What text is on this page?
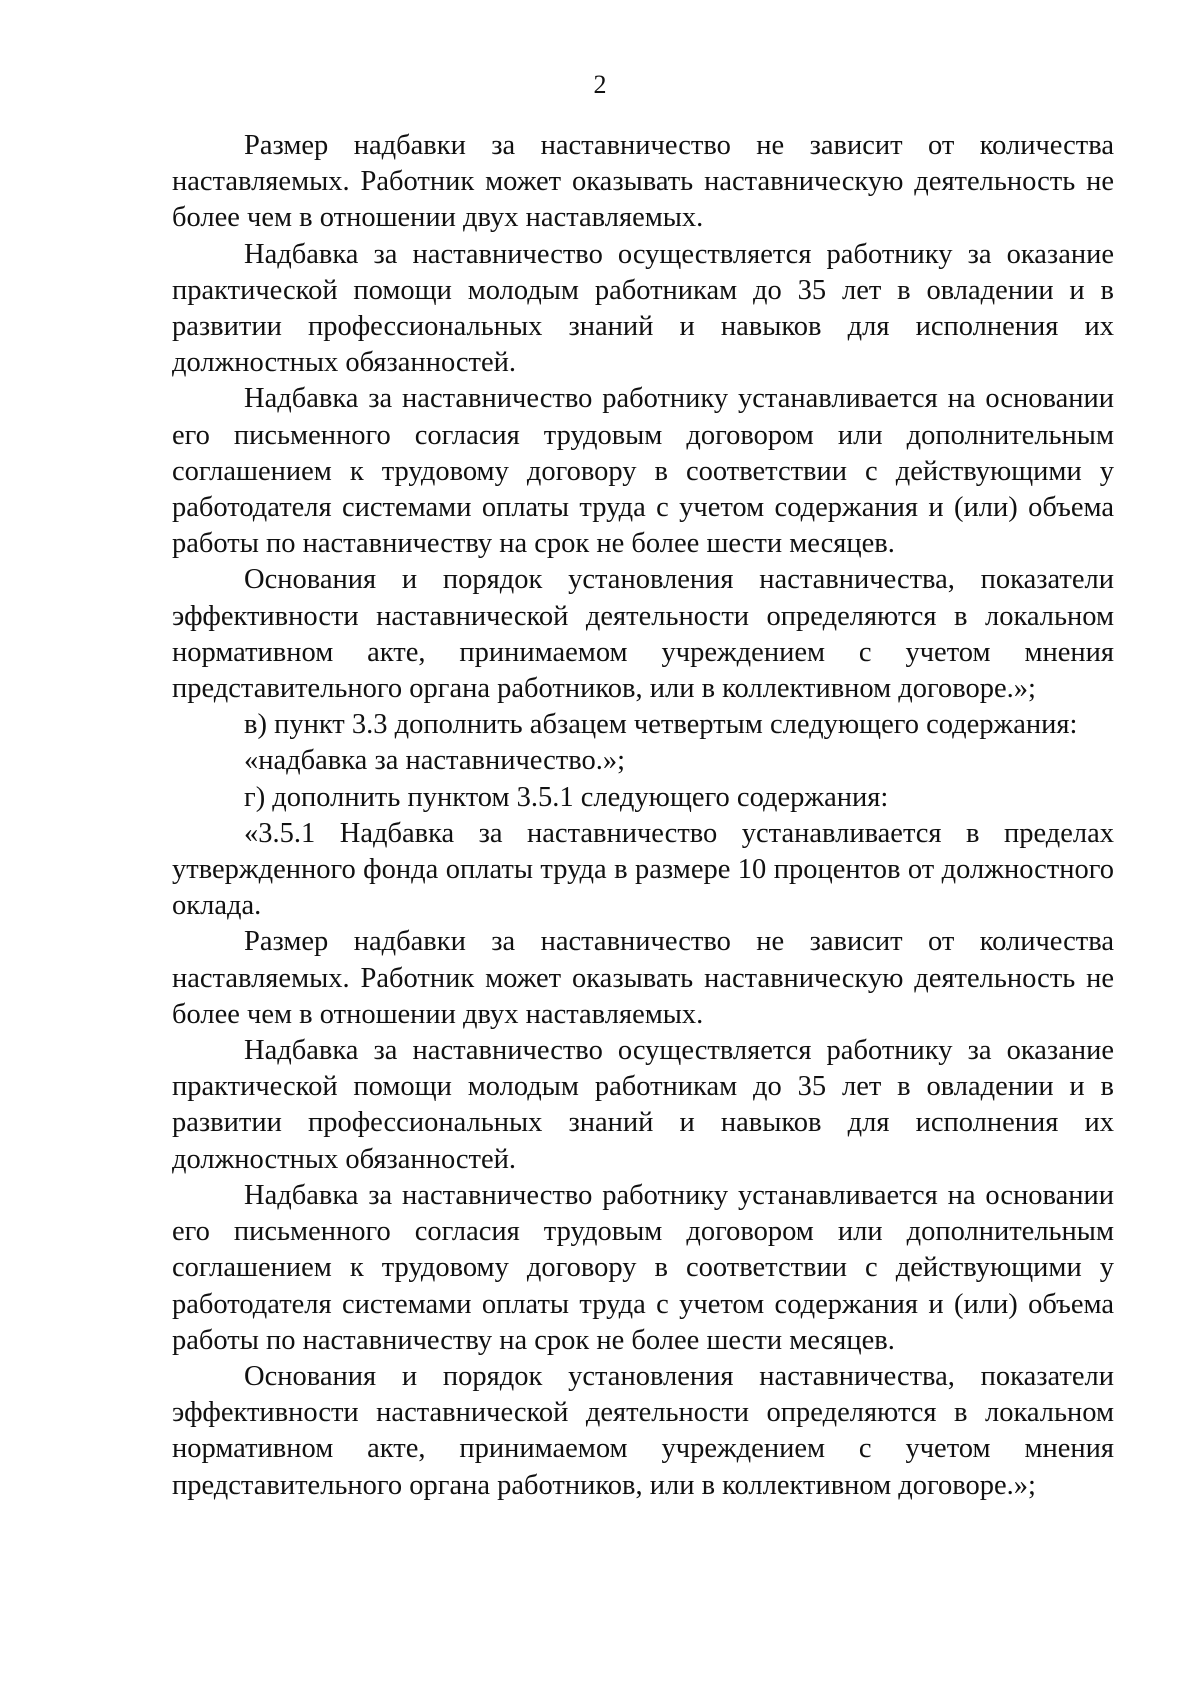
2

Размер надбавки за наставничество не зависит от количества наставляемых. Работник может оказывать наставническую деятельность не более чем в отношении двух наставляемых.

Надбавка за наставничество осуществляется работнику за оказание практической помощи молодым работникам до 35 лет в овладении и в развитии профессиональных знаний и навыков для исполнения их должностных обязанностей.

Надбавка за наставничество работнику устанавливается на основании его письменного согласия трудовым договором или дополнительным соглашением к трудовому договору в соответствии с действующими у работодателя системами оплаты труда с учетом содержания и (или) объема работы по наставничеству на срок не более шести месяцев.

Основания и порядок установления наставничества, показатели эффективности наставнической деятельности определяются в локальном нормативном акте, принимаемом учреждением с учетом мнения представительного органа работников, или в коллективном договоре.»;

в) пункт 3.3 дополнить абзацем четвертым следующего содержания:

«надбавка за наставничество.»;

г) дополнить пунктом 3.5.1 следующего содержания:

«3.5.1 Надбавка за наставничество устанавливается в пределах утвержденного фонда оплаты труда в размере 10 процентов от должностного оклада.

Размер надбавки за наставничество не зависит от количества наставляемых. Работник может оказывать наставническую деятельность не более чем в отношении двух наставляемых.

Надбавка за наставничество осуществляется работнику за оказание практической помощи молодым работникам до 35 лет в овладении и в развитии профессиональных знаний и навыков для исполнения их должностных обязанностей.

Надбавка за наставничество работнику устанавливается на основании его письменного согласия трудовым договором или дополнительным соглашением к трудовому договору в соответствии с действующими у работодателя системами оплаты труда с учетом содержания и (или) объема работы по наставничеству на срок не более шести месяцев.

Основания и порядок установления наставничества, показатели эффективности наставнической деятельности определяются в локальном нормативном акте, принимаемом учреждением с учетом мнения представительного органа работников, или в коллективном договоре.»;
